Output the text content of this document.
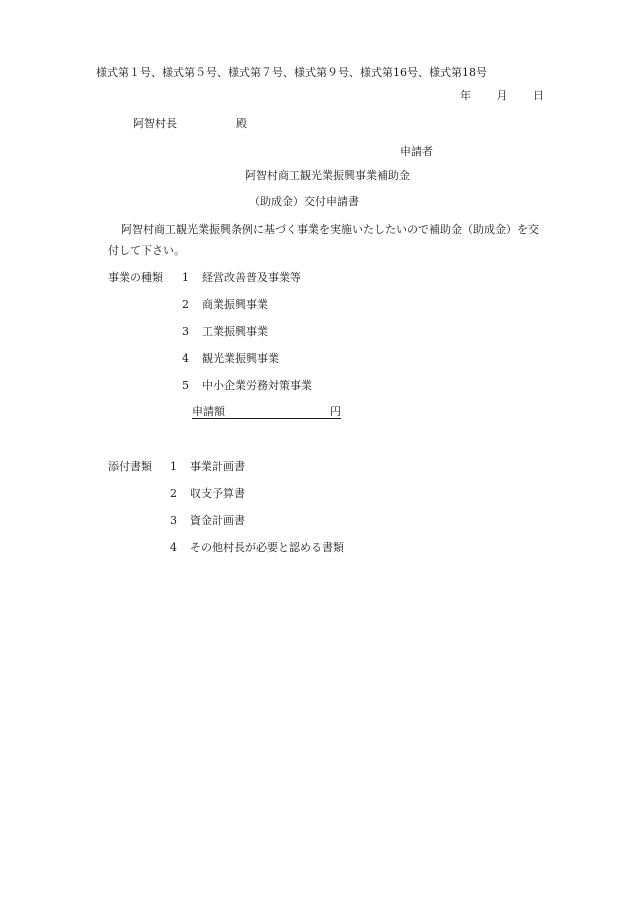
様式第１号、様式第５号、様式第７号、様式第９号、様式第16号、様式第18号
年 月 日
阿智村長	殿
申請者
阿智村商工観光業振興事業補助金
（助成金）交付申請書
阿智村商工観光業振興条例に基づく事業を実施いたしたいので補助金（助成金）を交
付して下さい。
事業の種類 1 経営改善普及事業等
2 商業振興事業
3 工業振興事業
4 観光業振興事業
5 中小企業労務対策事業
申請額	円
添付書類 1 事業計画書
2 収支予算書
3 資金計画書
4 その他村長が必要と認める書類
